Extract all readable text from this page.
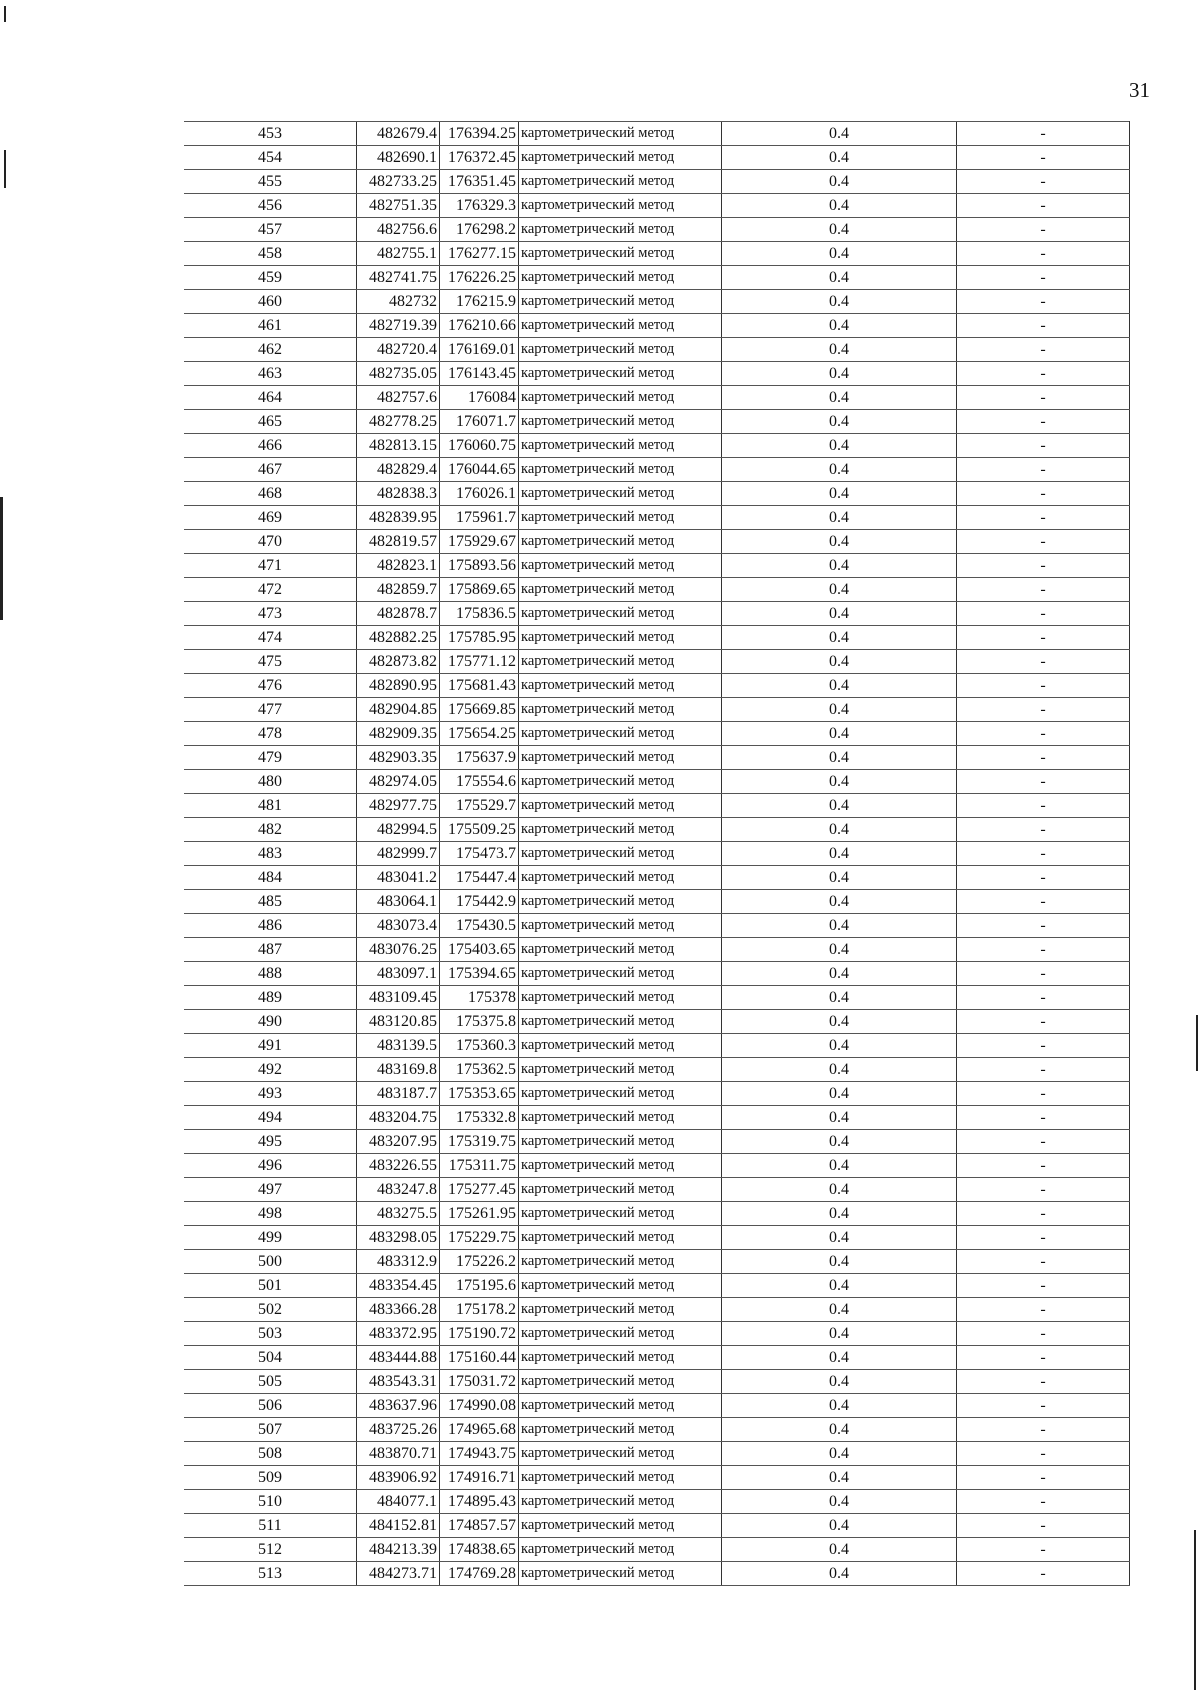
31
453	482679.4	176394.25	картометрический метод	0.4	-
454	482690.1	176372.45	картометрический метод	0.4	-
455	482733.25	176351.45	картометрический метод	0.4	-
456	482751.35	176329.3	картометрический метод	0.4	-
457	482756.6	176298.2	картометрический метод	0.4	-
458	482755.1	176277.15	картометрический метод	0.4	-
459	482741.75	176226.25	картометрический метод	0.4	-
460	482732	176215.9	картометрический метод	0.4	-
461	482719.39	176210.66	картометрический метод	0.4	-
462	482720.4	176169.01	картометрический метод	0.4	-
463	482735.05	176143.45	картометрический метод	0.4	-
464	482757.6	176084	картометрический метод	0.4	-
465	482778.25	176071.7	картометрический метод	0.4	-
466	482813.15	176060.75	картометрический метод	0.4	-
467	482829.4	176044.65	картометрический метод	0.4	-
468	482838.3	176026.1	картометрический метод	0.4	-
469	482839.95	175961.7	картометрический метод	0.4	-
470	482819.57	175929.67	картометрический метод	0.4	-
471	482823.1	175893.56	картометрический метод	0.4	-
472	482859.7	175869.65	картометрический метод	0.4	-
473	482878.7	175836.5	картометрический метод	0.4	-
474	482882.25	175785.95	картометрический метод	0.4	-
475	482873.82	175771.12	картометрический метод	0.4	-
476	482890.95	175681.43	картометрический метод	0.4	-
477	482904.85	175669.85	картометрический метод	0.4	-
478	482909.35	175654.25	картометрический метод	0.4	-
479	482903.35	175637.9	картометрический метод	0.4	-
480	482974.05	175554.6	картометрический метод	0.4	-
481	482977.75	175529.7	картометрический метод	0.4	-
482	482994.5	175509.25	картометрический метод	0.4	-
483	482999.7	175473.7	картометрический метод	0.4	-
484	483041.2	175447.4	картометрический метод	0.4	-
485	483064.1	175442.9	картометрический метод	0.4	-
486	483073.4	175430.5	картометрический метод	0.4	-
487	483076.25	175403.65	картометрический метод	0.4	-
488	483097.1	175394.65	картометрический метод	0.4	-
489	483109.45	175378	картометрический метод	0.4	-
490	483120.85	175375.8	картометрический метод	0.4	-
491	483139.5	175360.3	картометрический метод	0.4	-
492	483169.8	175362.5	картометрический метод	0.4	-
493	483187.7	175353.65	картометрический метод	0.4	-
494	483204.75	175332.8	картометрический метод	0.4	-
495	483207.95	175319.75	картометрический метод	0.4	-
496	483226.55	175311.75	картометрический метод	0.4	-
497	483247.8	175277.45	картометрический метод	0.4	-
498	483275.5	175261.95	картометрический метод	0.4	-
499	483298.05	175229.75	картометрический метод	0.4	-
500	483312.9	175226.2	картометрический метод	0.4	-
501	483354.45	175195.6	картометрический метод	0.4	-
502	483366.28	175178.2	картометрический метод	0.4	-
503	483372.95	175190.72	картометрический метод	0.4	-
504	483444.88	175160.44	картометрический метод	0.4	-
505	483543.31	175031.72	картометрический метод	0.4	-
506	483637.96	174990.08	картометрический метод	0.4	-
507	483725.26	174965.68	картометрический метод	0.4	-
508	483870.71	174943.75	картометрический метод	0.4	-
509	483906.92	174916.71	картометрический метод	0.4	-
510	484077.1	174895.43	картометрический метод	0.4	-
511	484152.81	174857.57	картометрический метод	0.4	-
512	484213.39	174838.65	картометрический метод	0.4	-
513	484273.71	174769.28	картометрический метод	0.4	-
